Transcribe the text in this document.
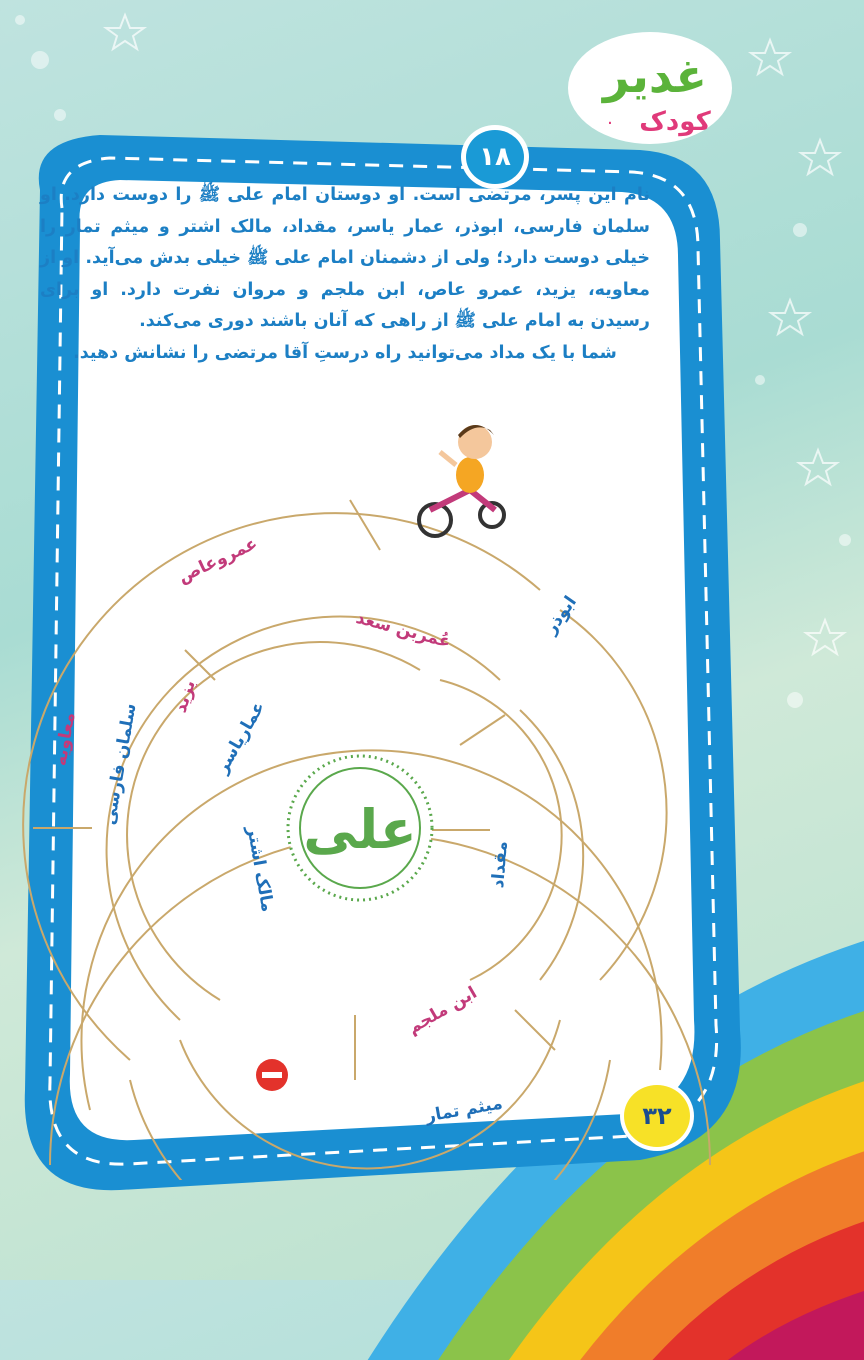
غدیر
کودک
۰
۱۸

نام این پسر، مرتضی است. او دوستان امام علی ﷺ را دوست دارد. او سلمان فارسی، ابوذر، عمار یاسر، مقداد، مالک اشتر و میثم تمار را خیلی دوست دارد؛ ولی از دشمنان امام علی ﷺ خیلی بدش می‌آید. او از معاویه، یزید، عمرو عاص، ابن ملجم و مروان نفرت دارد. او برای رسیدن به امام علی ﷺ از راهی که آنان باشند دوری می‌کند.

شما با یک مداد می‌توانید راه درستِ آقا مرتضی را نشانش دهید.

علی
عمروعاص
ابوذر
عُمربن سعد
یزید
عماریاسر
سلمان فارسی
معاویه
مالک اشتر	مقداد
ابن ملجم
میثم تمار	۳۲
